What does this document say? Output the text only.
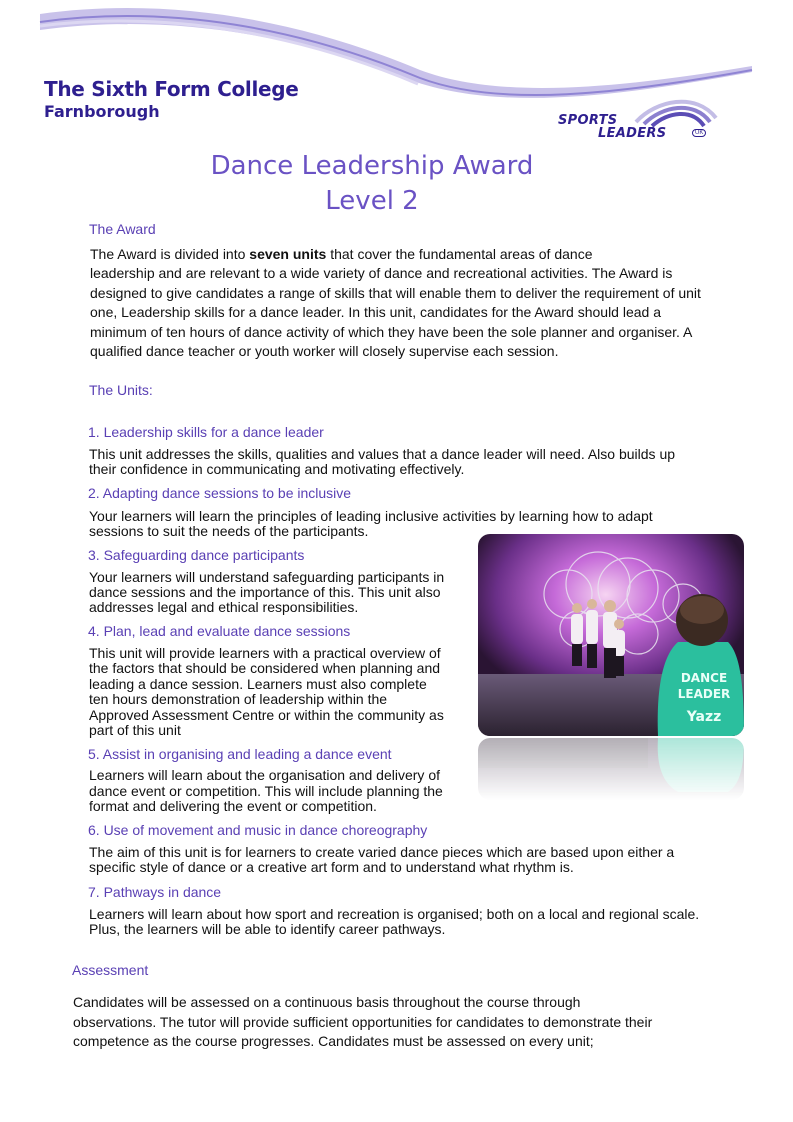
The Sixth Form College
Farnborough	SPORTS
LEADERS	UK
Dance Leadership Award
Level 2
The Award
The Award is divided into seven units that cover the fundamental areas of dance
leadership and are relevant to a wide variety of dance and recreational activities. The Award is
designed to give candidates a range of skills that will enable them to deliver the requirement of unit
one, Leadership skills for a dance leader. In this unit, candidates for the Award should lead a
minimum of ten hours of dance activity of which they have been the sole planner and organiser. A
qualified dance teacher or youth worker will closely supervise each session.
The Units:
1. Leadership skills for a dance leader
This unit addresses the skills, qualities and values that a dance leader will need. Also builds up
their confidence in communicating and motivating effectively.
2. Adapting dance sessions to be inclusive
Your learners will learn the principles of leading inclusive activities by learning how to adapt
sessions to suit the needs of the participants.
3. Safeguarding dance participants
Your learners will understand safeguarding participants in
dance sessions and the importance of this. This unit also
addresses legal and ethical responsibilities.
4. Plan, lead and evaluate dance sessions
This unit will provide learners with a practical overview of
the factors that should be considered when planning and
leading a dance session. Learners must also complete
ten hours demonstration of leadership within the
Approved Assessment Centre or within the community as
part of this unit
5. Assist in organising and leading a dance event
Learners will learn about the organisation and delivery of
dance event or competition. This will include planning the
format and delivering the event or competition.
6. Use of movement and music in dance choreography
The aim of this unit is for learners to create varied dance pieces which are based upon either a
specific style of dance or a creative art form and to understand what rhythm is.
7. Pathways in dance
Learners will learn about how sport and recreation is organised; both on a local and regional scale.
Plus, the learners will be able to identify career pathways.
Assessment
Candidates will be assessed on a continuous basis throughout the course through
observations. The tutor will provide sufficient opportunities for candidates to demonstrate their
competence as the course progresses. Candidates must be assessed on every unit;
DANCE
LEADER
Yazz
